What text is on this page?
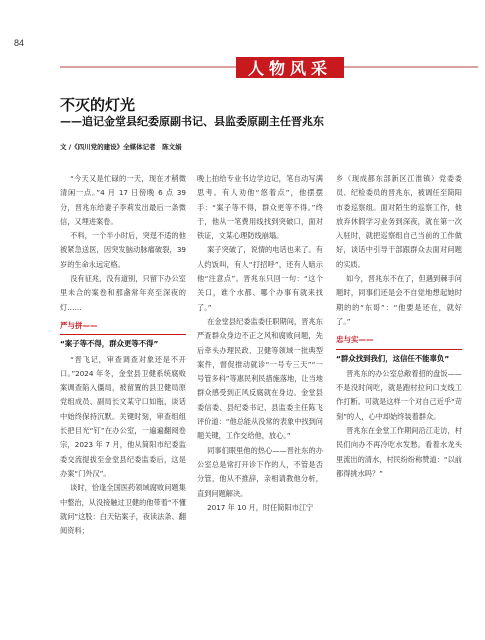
84
人物风采
不灭的灯光
——追记金堂县纪委原副书记、县监委原副主任晋兆东
文 /《四川党的建设》全媒体记者　陈文娟

“今天又是忙碌的一天，现在才稍微清闲一点。”4 月 17 日傍晚 6 点 39 分，晋兆东给妻子李莉发出最后一条微信，又埋进案卷。

不料，一个半小时后，突逞不适的他被紧急送医，因突发脑动脉瘤破裂，39 岁的生命永远定格。

没有征兆，没有道别，只留下办公室里未合的案卷和那盏常年亮至深夜的灯……

严与拼——

“案子等不得，群众更等不得”

“晋飞记，审查调查对象还是不开口。”2024 年冬，金堂县卫健系统腐败案调查陷入僵局，被留置的县卫健局原党组成员、副局长文某守口如瓶，谈话中始终保持沉默。关键时刻，审查组组长把目光“钉”在办公室，一遍遍翻阅卷宗，2023 年 7 月，他从简阳市纪委监委交流提拔至金堂县纪委监委后，这是办案“门外汉”。

谈时，恰逢全国医药领域腐败问题集中整治，从没接触过卫健的他带着“不懂就问”这股：白天钻案子，夜读法条、翻阅资料；

晚上拍给专业书边学边记，笔自动写满思考。有人劝他“悠着点”，他摆摆手：“案子等不得，群众更等不得。”终于，他从一笔费用线找到突破口，面对铁证，文某心理防线崩塌。

案子突破了，说情的电话也来了。有人约饭叫，有人“打招呼”，还有人暗示他“注意点”。晋兆东只回一句：“这个关口，谁个水都、哪个办事有就来找了。”

在金堂县纪委监委任职期间，晋兆东严查群众身边不正之风和腐败问题，先后牵头办理民政、卫健等领域一批典型案件，督促推动就诊“一号专三天”“一号管多科”等惠民利民措施落地，让当地群众感受到正风反腐就在身边。金堂县委信委、县纪委书记、县监委主任陈飞评价道：“他总能从没常的表象中找到问题关键，工作交给他，放心。”

同事们眼里他的热心——晋社东的办公室总是常打开诊下作的人，不管是否分管，他从不推辞，亲相请教他分析，直到问题解决。

2017 年 10 月，时任简阳市江宁

乡（现成都东部新区江淮镇）党委委员、纪检委员的晋兆东，被调任至简阳市委巡察组。面对陌生的巡察工作，他放弃休假学习业务到深夜，就在第一次入驻时，就把巡察组自己当前的工作做好，谈话中引导干部跟群众去面对问题的实质。

如今，晋兆东不在了，但遇到棘手问题时，同事们还是会不自觉地想起她时期的的“东哥”：“他要是还在，就好了。”

忠与实——

“群众找到我们，这信任不能辜负”

晋兆东的办公室总敞着招的盘饭——不是没时间吃，就是跑村拉问口支线工作打断。可就是这样一个对自己近乎“苛刻”的人，心中却始终装着群众。

晋兆东在金堂工作期间沿江走访，村民们向办不再冷吃水发愁。看着水龙头里流出的清水，村民纷纷称赞道：“以前都得挑水吗？”
